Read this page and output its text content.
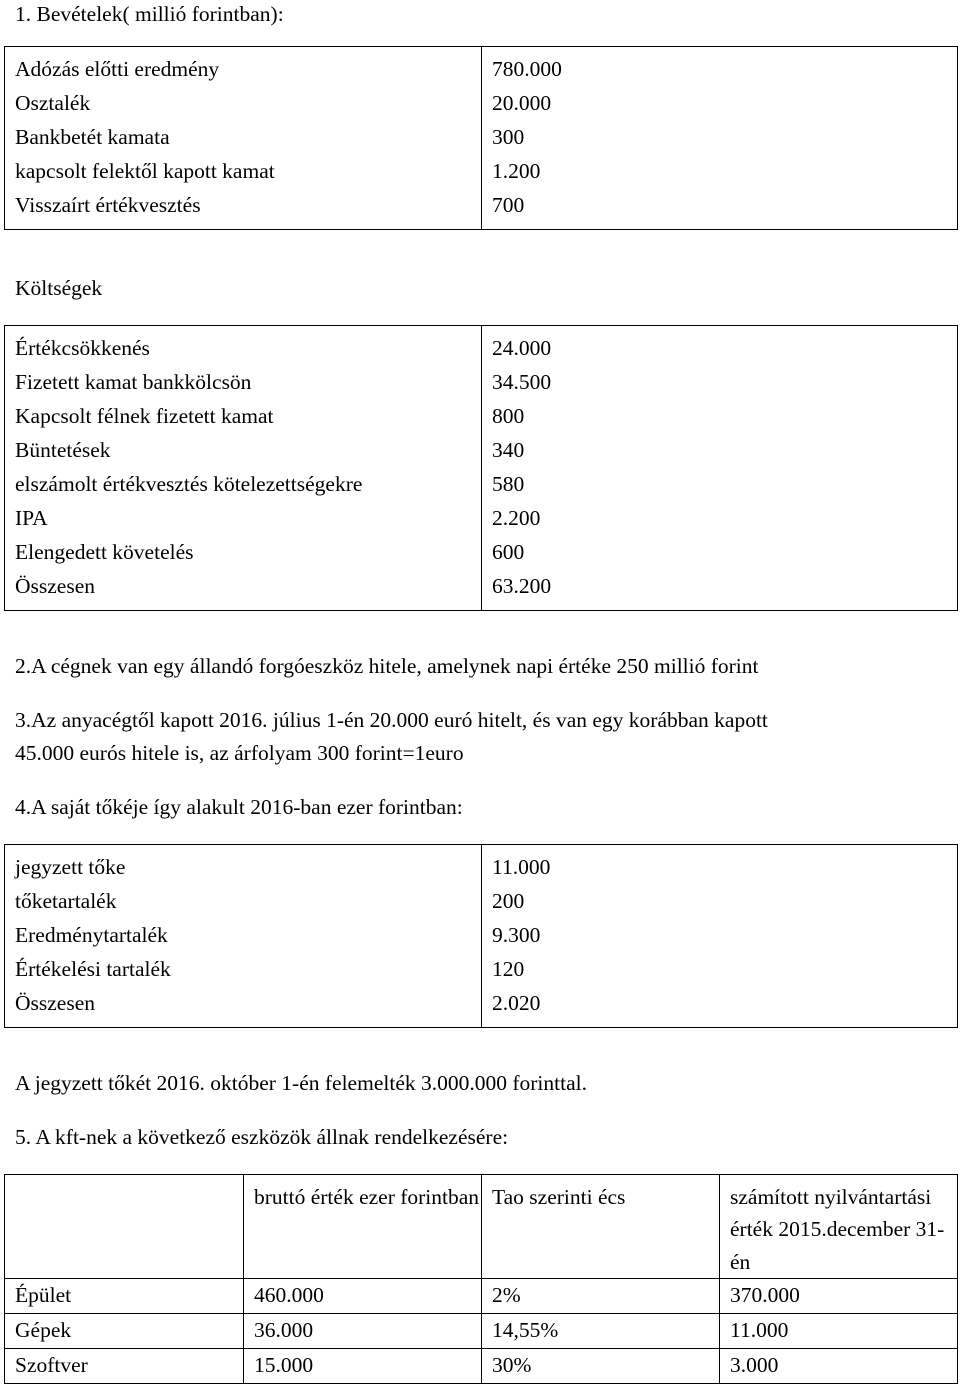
1. Bevételek( millió forintban):
Adózás előtti eredmény	780.000
Osztalék	20.000
Bankbetét kamata	300
kapcsolt felektől kapott kamat	1.200
Visszaírt értékvesztés	700
Költségek
Értékcsökkenés	24.000
Fizetett kamat bankkölcsön	34.500
Kapcsolt félnek fizetett kamat	800
Büntetések	340
elszámolt értékvesztés kötelezettségekre	580
IPA	2.200
Elengedett követelés	600
Összesen	63.200
2.A cégnek van egy állandó forgóeszköz hitele, amelynek napi értéke 250 millió forint
3.Az anyacégtől kapott 2016. július 1-én 20.000 euró hitelt, és van egy korábban kapott
45.000 eurós hitele is, az árfolyam 300 forint=1euro
4.A saját tőkéje így alakult 2016-ban ezer forintban:
jegyzett tőke	11.000
tőketartalék	200
Eredménytartalék	9.300
Értékelési tartalék	120
Összesen	2.020
A jegyzett tőkét 2016. október 1-én felemelték 3.000.000 forinttal.
5. A kft-nek a következő eszközök állnak rendelkezésére:
	bruttó érték ezer forintban	Tao szerinti écs	számított nyilvántartási érték 2015.december 31-én
Épület	460.000	2%	370.000
Gépek	36.000	14,55%	11.000
Szoftver	15.000	30%	3.000
